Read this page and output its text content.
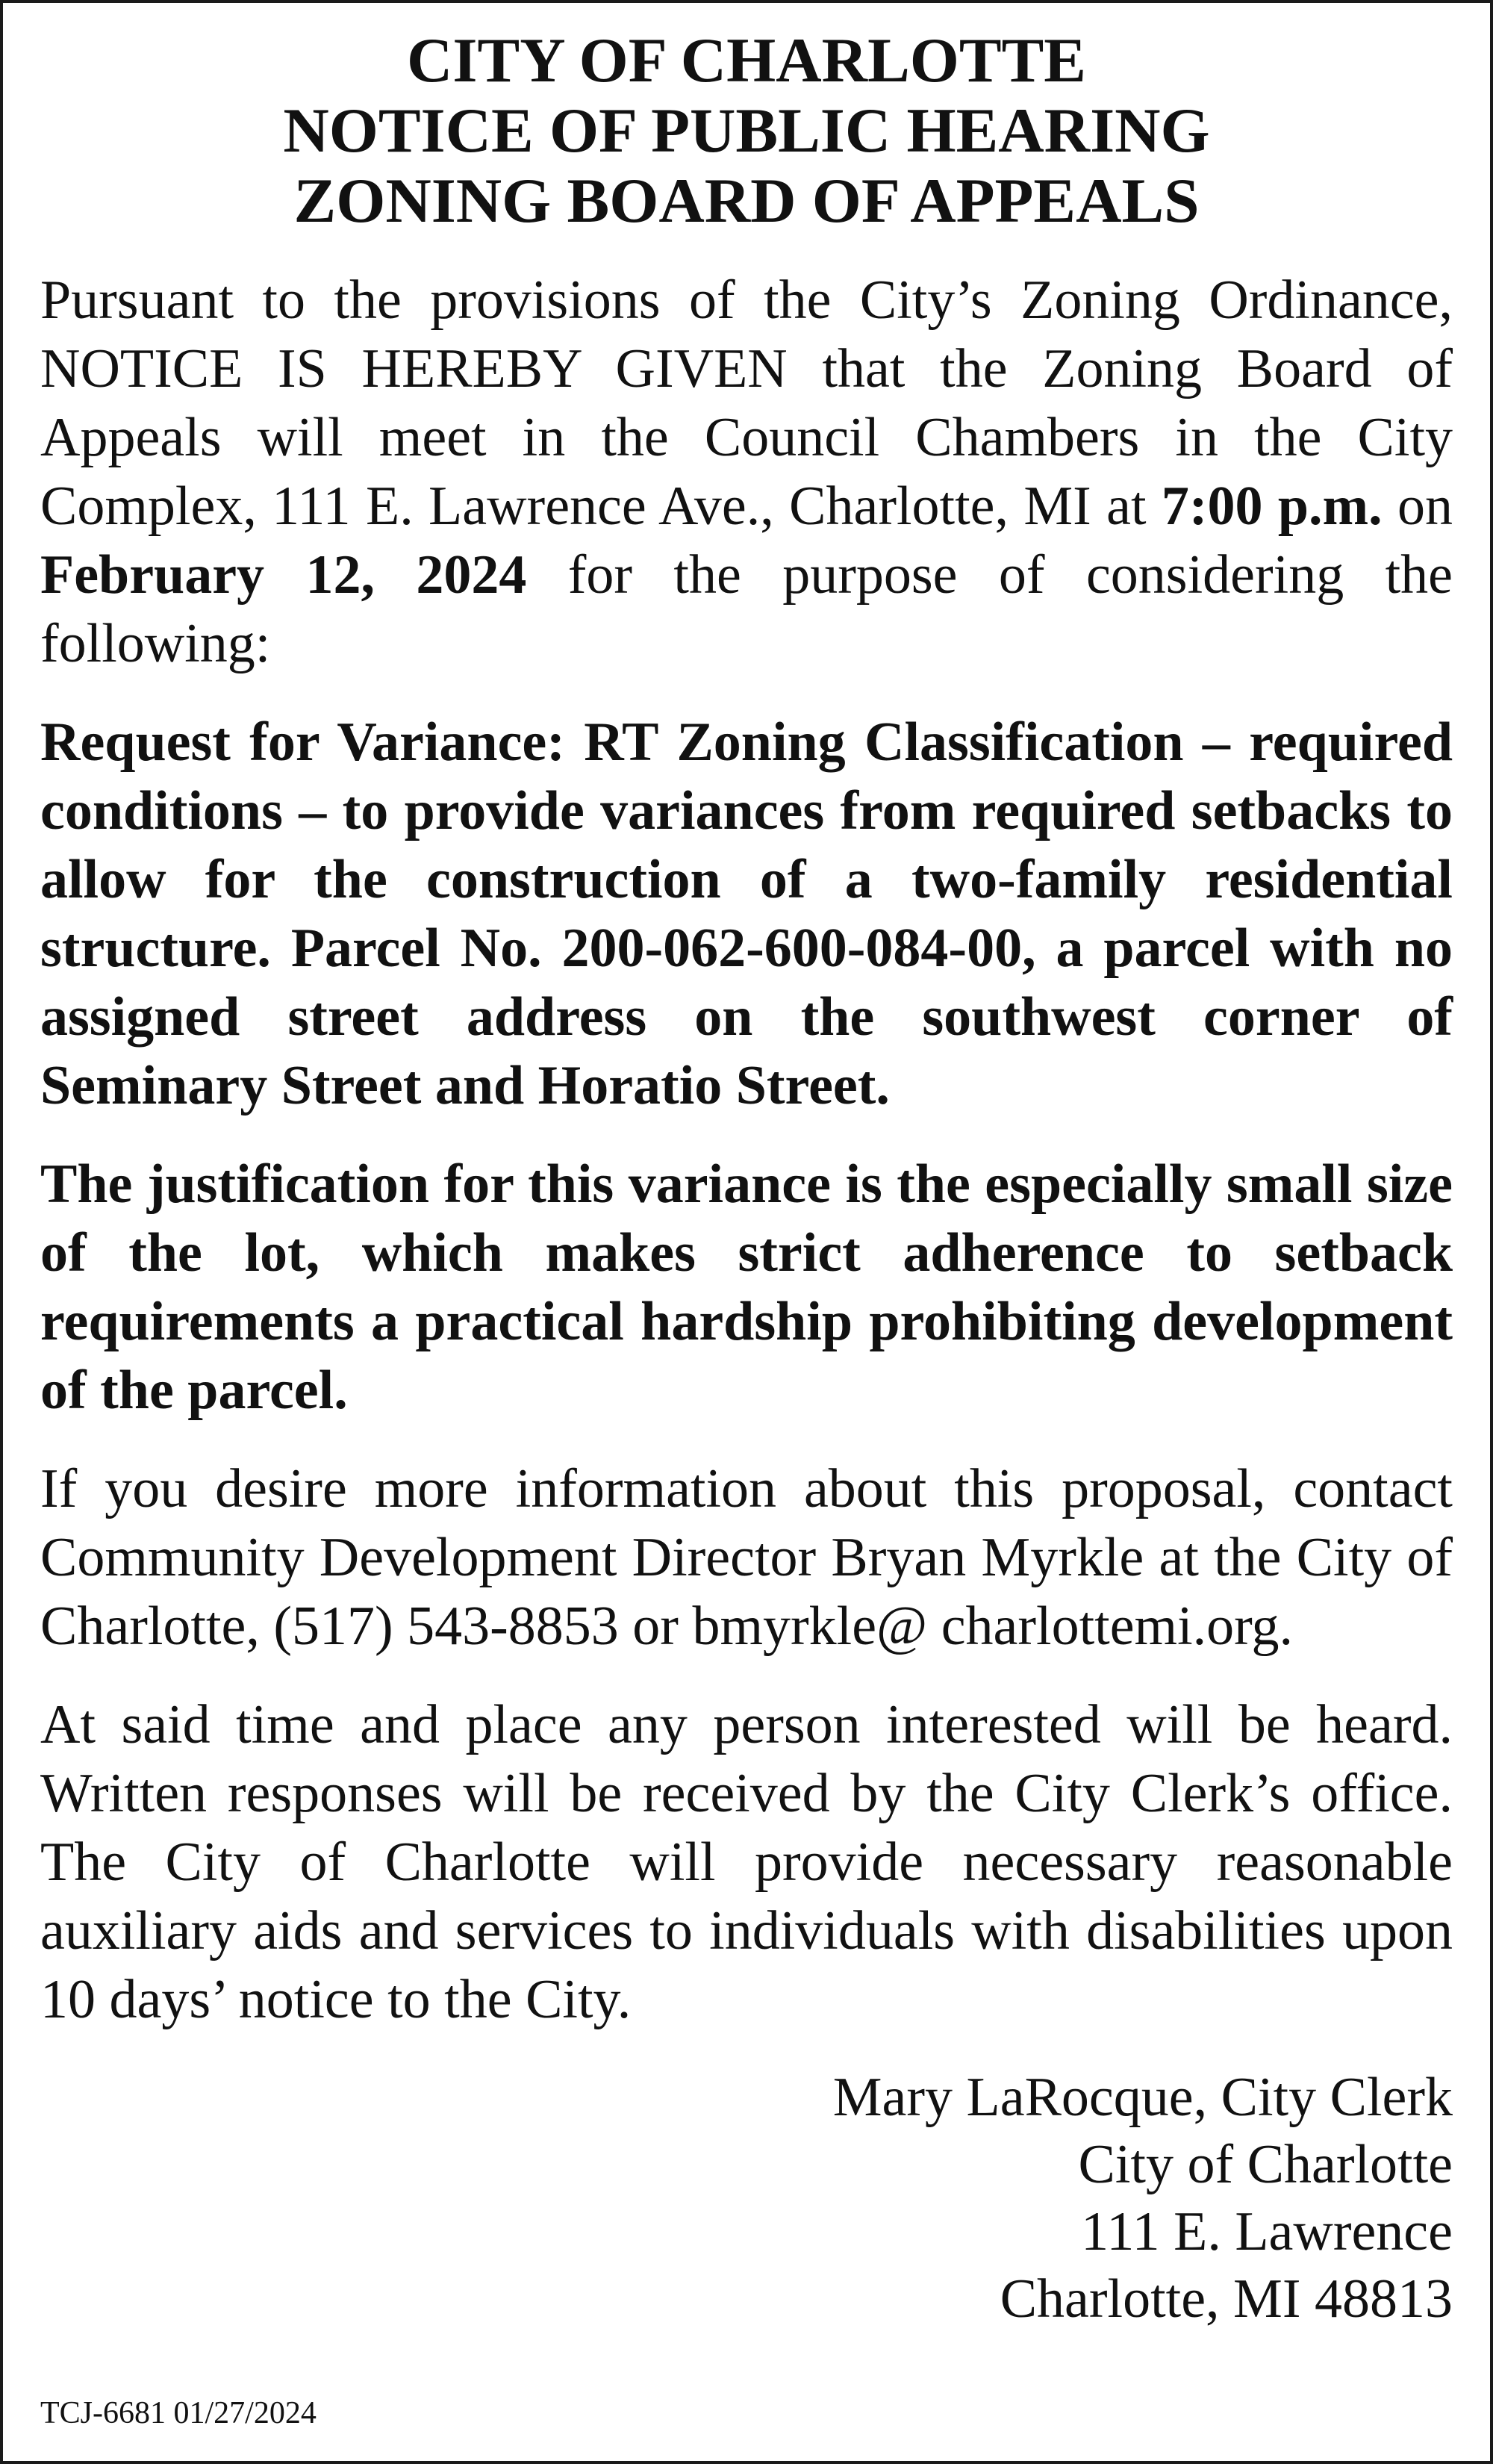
CITY OF CHARLOTTE
NOTICE OF PUBLIC HEARING
ZONING BOARD OF APPEALS

Pursuant to the provisions of the City’s Zoning Ordinance, NOTICE IS HEREBY GIVEN that the Zoning Board of Appeals will meet in the Council Chambers in the City Complex, 111 E. Lawrence Ave., Charlotte, MI at 7:00 p.m. on February 12, 2024 for the purpose of considering the following:

Request for Variance: RT Zoning Classification – required conditions – to provide variances from required setbacks to allow for the construction of a two-family residential structure. Parcel No. 200-062-600-084-00, a parcel with no assigned street address on the southwest corner of Seminary Street and Horatio Street.

The justification for this variance is the especially small size of the lot, which makes strict adherence to setback requirements a practical hardship prohibiting development of the parcel.

If you desire more information about this proposal, contact Community Development Director Bryan Myrkle at the City of Charlotte, (517) 543-8853 or bmyrkle@ charlottemi.org.

At said time and place any person interested will be heard. Written responses will be received by the City Clerk’s office. The City of Charlotte will provide necessary reasonable auxiliary aids and services to individuals with disabilities upon 10 days’ notice to the City.

Mary LaRocque, City Clerk
City of Charlotte
111 E. Lawrence
Charlotte, MI 48813
TCJ-6681 01/27/2024
